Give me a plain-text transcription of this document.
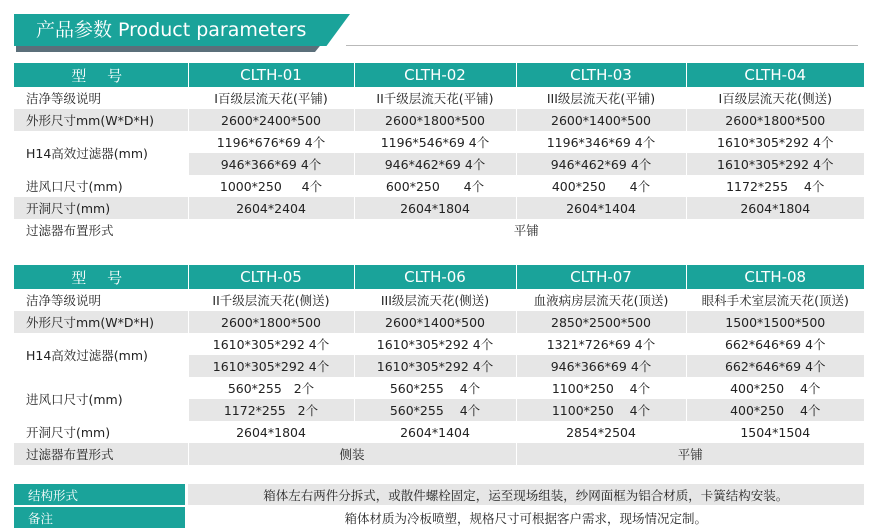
产品参数 Product parameters
型 号	CLTH-01	CLTH-02	CLTH-03	CLTH-04
洁净等级说明	I百级层流天花(平铺)	II千级层流天花(平铺)	III级层流天花(平铺)	I百级层流天花(侧送)
外形尺寸mm(W*D*H)	2600*2400*500	2600*1800*500	2600*1400*500	2600*1800*500
H14高效过滤器(mm)	1196*676*69 4个	1196*546*69 4个	1196*346*69 4个	1610*305*292 4个
	946*366*69 4个	946*462*69 4个	946*462*69 4个	1610*305*292 4个
进风口尺寸(mm)	1000*250     4个	600*250      4个	400*250      4个	1172*255    4个
开洞尺寸(mm)	2604*2404	2604*1804	2604*1404	2604*1804
过滤器布置形式	平铺			
型 号	CLTH-05	CLTH-06	CLTH-07	CLTH-08
洁净等级说明	II千级层流天花(侧送)	III级层流天花(侧送)	血液病房层流天花(顶送)	眼科手术室层流天花(顶送)
外形尺寸mm(W*D*H)	2600*1800*500	2600*1400*500	2850*2500*500	1500*1500*500
H14高效过滤器(mm)	1610*305*292 4个	1610*305*292 4个	1321*726*69 4个	662*646*69 4个
	1610*305*292 4个	1610*305*292 4个	946*366*69 4个	662*646*69 4个
进风口尺寸(mm)	560*255   2个	560*255    4个	1100*250    4个	400*250    4个
	1172*255   2个	560*255    4个	1100*250    4个	400*250    4个
开洞尺寸(mm)	2604*1804	2604*1404	2854*2504	1504*1504
过滤器布置形式	侧装		平铺	
结构形式	箱体左右两件分拆式，或散件螺栓固定，运至现场组装，纱网面框为铝合材质，卡簧结构安装。
备注	箱体材质为冷板喷塑，规格尺寸可根据客户需求，现场情况定制。
